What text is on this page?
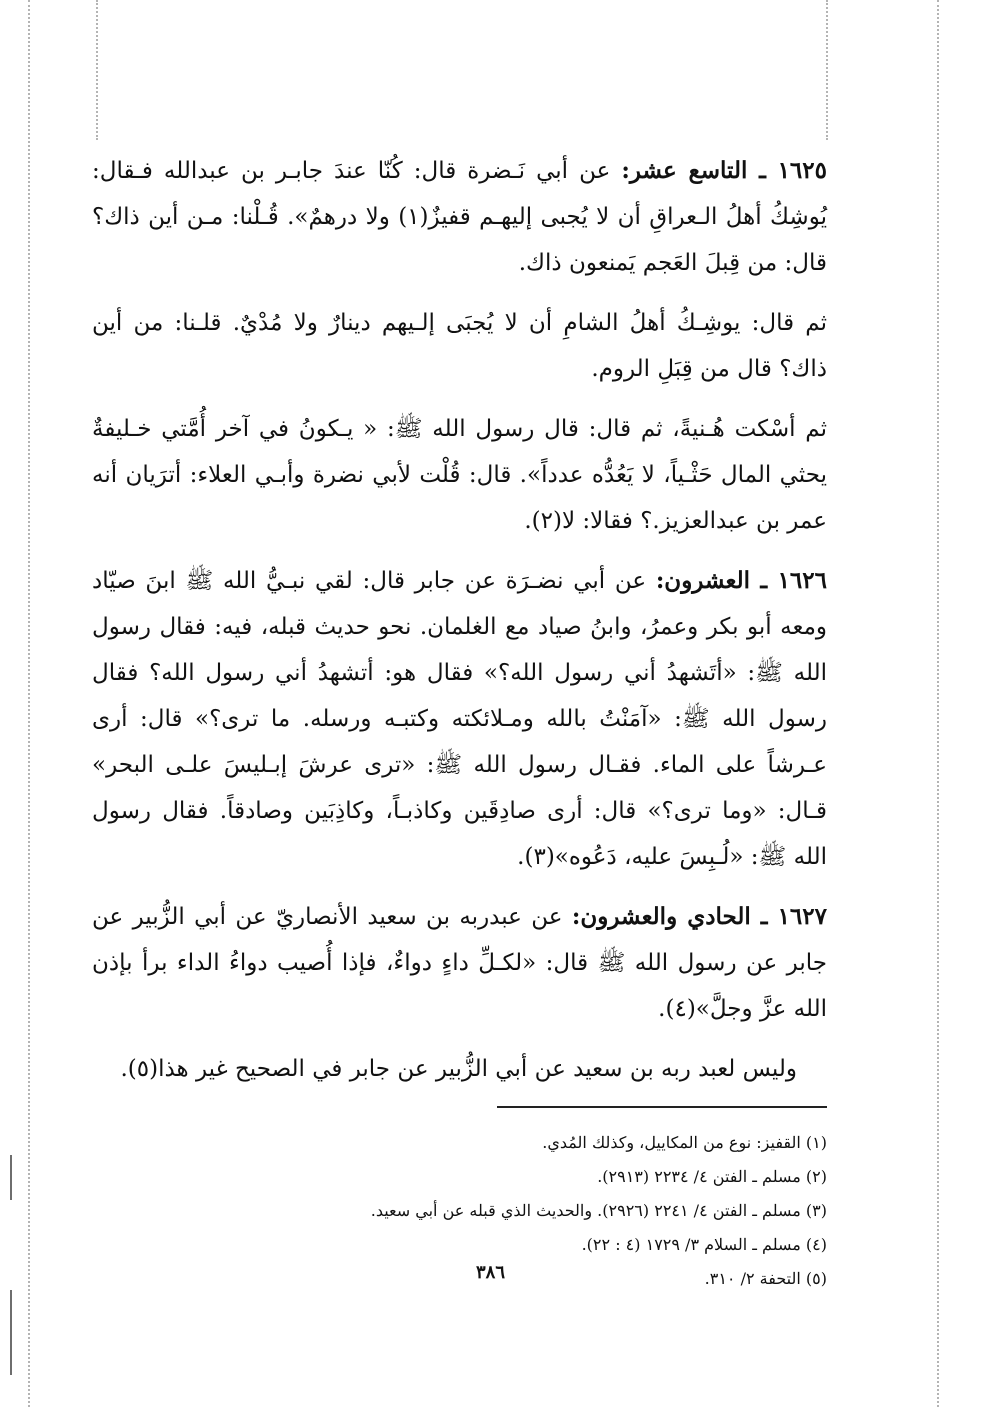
١٦٢٥ ـ التاسع عشر: عن أبي نَـضرة قال: كُنّا عندَ جابـر بن عبدالله فـقال: يُوشِكُ أهلُ الـعراقِ أن لا يُجبى إليهـم قفيزٌ(١) ولا درهمٌ». قُـلْنا: مـن أين ذاك؟ قال: من قِبلَ العَجم يَمنعون ذاك.

ثم قال: يوشِـكُ أهلُ الشامِ أن لا يُجبَى إلـيهم دينارٌ ولا مُدْيٌ. قلـنا: من أين ذاك؟ قال من قِبَلِ الروم.

ثم أسْكت هُـنيةً، ثم قال: قال رسول الله ﷺ: « يـكونُ في آخر أُمَّتي خـليفةٌ يحثي المال حَثْـياً، لا يَعُدُّه عدداً». قال: قُلْت لأبي نضرة وأبـي العلاء: أترَيان أنه عمر بن عبدالعزيز.؟ فقالا: لا(٢).

١٦٢٦ ـ العشرون: عن أبي نضـرَة عن جابر قال: لقي نبـيُّ الله ﷺ ابنَ صيّاد ومعه أبو بكر وعمرُ، وابنُ صياد مع الغلمان. نحو حديث قبله، فيه: فقال رسول الله ﷺ: «أتَشهدُ أني رسول الله؟» فقال هو: أتشهدُ أني رسول الله؟ فقال رسول الله ﷺ: «آمَنْتُ بالله ومـلائكته وكتبـه ورسله. ما ترى؟» قال: أرى عـرشاً على الماء. فقـال رسول الله ﷺ: «ترى عرشَ إبـليسَ علـى البحر» قـال: «وما ترى؟» قال: أرى صادِقَين وكاذبـاً، وكاذِبَين وصادقاً. فقال رسول الله ﷺ: «لُـبِسَ عليه، دَعُوه»(٣).

١٦٢٧ ـ الحادي والعشرون: عن عبدربه بن سعيد الأنصاريّ عن أبي الزُّبير عن جابر عن رسول الله ﷺ قال: «لكـلِّ داءٍ دواءٌ، فإذا أُصيب دواءُ الداء برأ بإذن الله عزَّ وجلَّ»(٤).

وليس لعبد ربه بن سعيد عن أبي الزُّبير عن جابر في الصحيح غير هذا(٥).

(١) القفيز: نوع من المكاييل، وكذلك المُدي.
(٢) مسلم ـ الفتن ٤/ ٢٢٣٤ (٢٩١٣).
(٣) مسلم ـ الفتن ٤/ ٢٢٤١ (٢٩٢٦). والحديث الذي قبله عن أبي سعيد.
(٤) مسلم ـ السلام ٣/ ١٧٢٩ (٤ : ٢٢).
(٥) التحفة ٢/ ٣١٠.
٣٨٦
